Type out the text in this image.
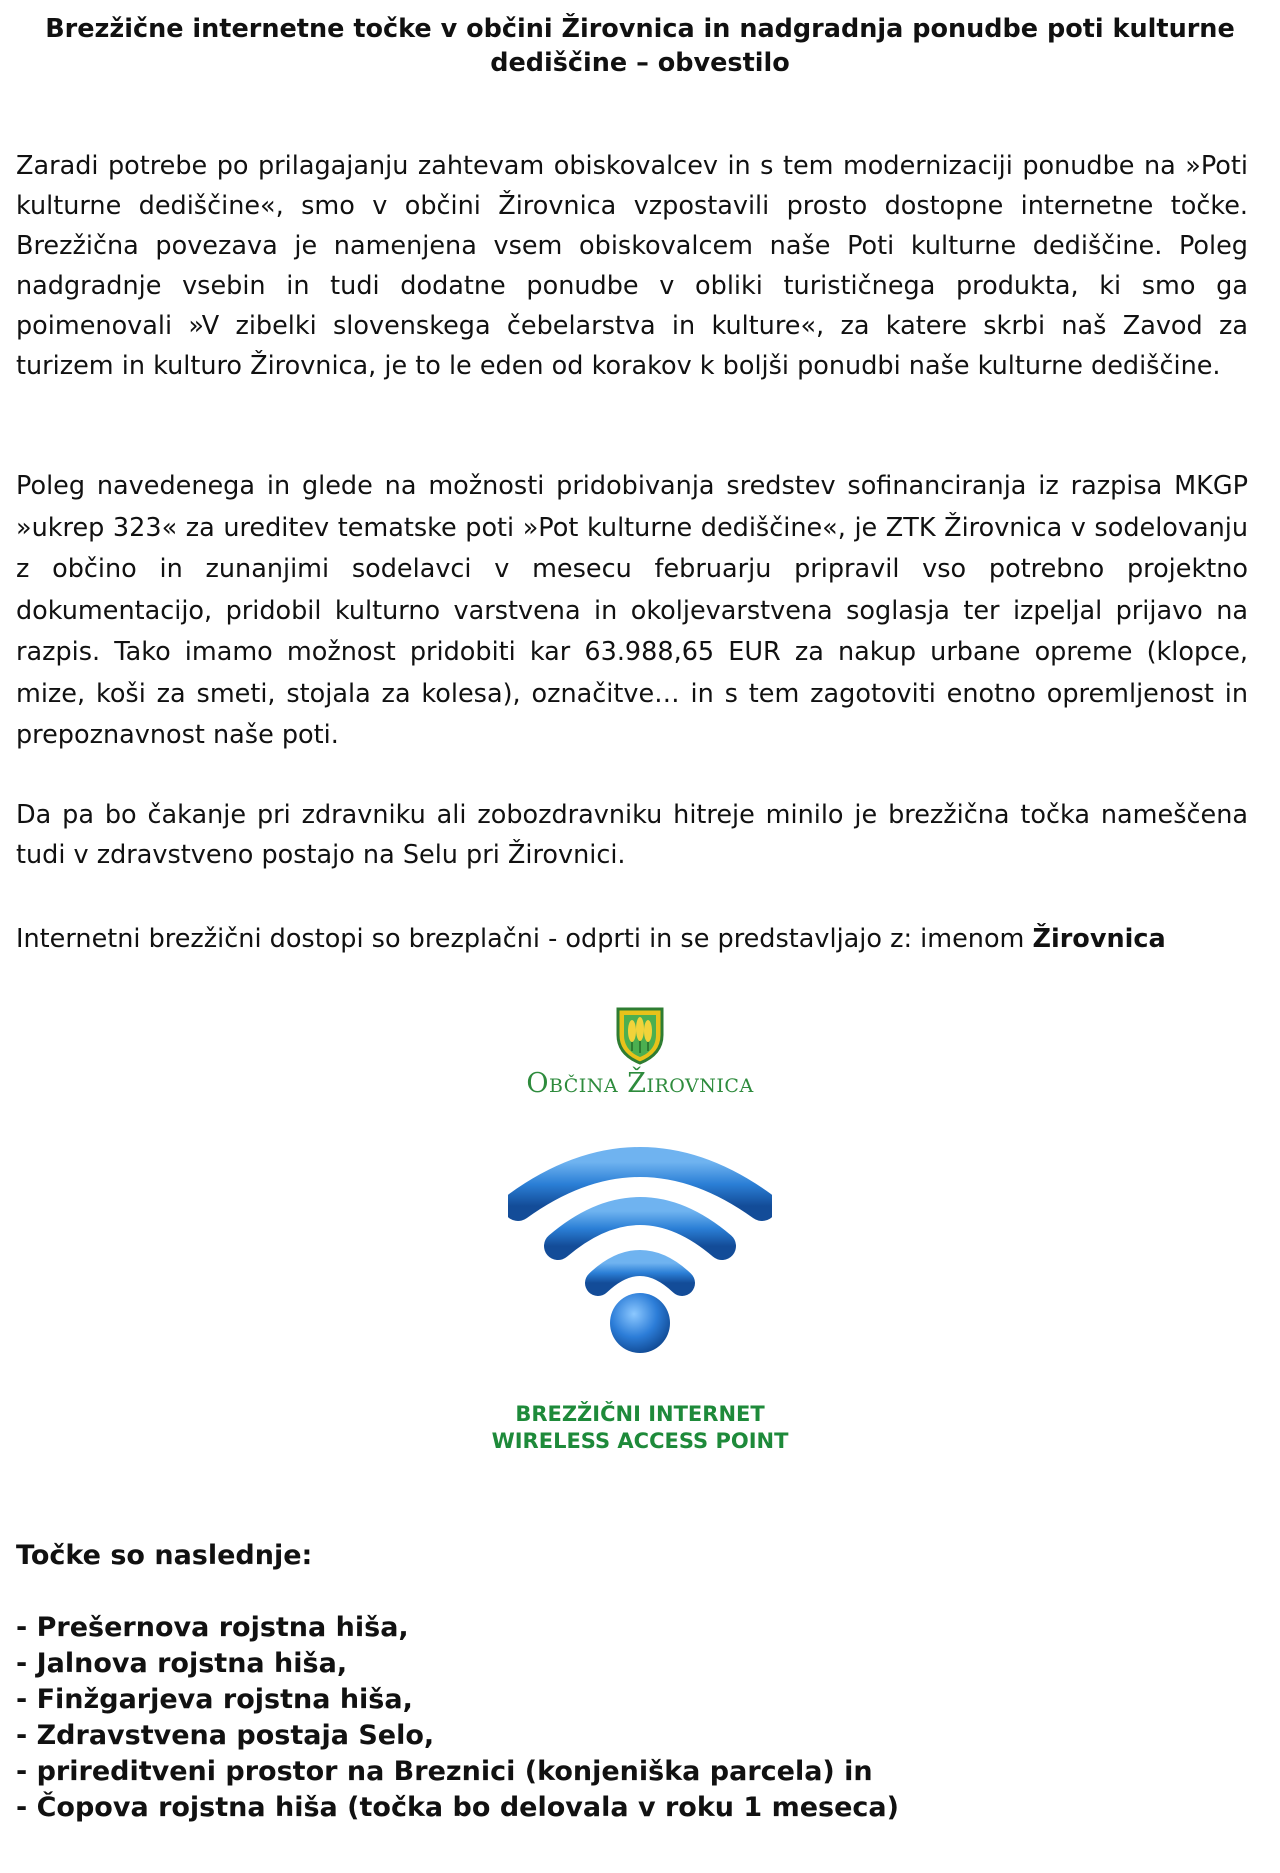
Brezžične internetne točke v občini Žirovnica in nadgradnja ponudbe poti kulturne dediščine – obvestilo

Zaradi potrebe po prilagajanju zahtevam obiskovalcev in s tem modernizaciji ponudbe na »Poti kulturne dediščine«, smo v občini Žirovnica vzpostavili prosto dostopne internetne točke. Brezžična povezava je namenjena vsem obiskovalcem naše Poti kulturne dediščine. Poleg nadgradnje vsebin in tudi dodatne ponudbe v obliki turističnega produkta, ki smo ga poimenovali »V zibelki slovenskega čebelarstva in kulture«, za katere skrbi naš Zavod za turizem in kulturo Žirovnica, je to le eden od korakov k boljši ponudbi naše kulturne dediščine.

Poleg navedenega in glede na možnosti pridobivanja sredstev sofinanciranja iz razpisa MKGP »ukrep 323« za ureditev tematske poti »Pot kulturne dediščine«, je ZTK Žirovnica v sodelovanju z občino in zunanjimi sodelavci v mesecu februarju pripravil vso potrebno projektno dokumentacijo, pridobil kulturno varstvena in okoljevarstvena soglasja ter izpeljal prijavo na razpis. Tako imamo možnost pridobiti kar 63.988,65 EUR za nakup urbane opreme (klopce, mize, koši za smeti, stojala za kolesa), označitve… in s tem zagotoviti enotno opremljenost in prepoznavnost naše poti.

Da pa bo čakanje pri zdravniku ali zobozdravniku hitreje minilo je brezžična točka nameščena tudi v zdravstveno postajo na Selu pri Žirovnici.

Internetni brezžični dostopi so brezplačni - odprti in se predstavljajo z: imenom Žirovnica

Občina Žirovnica
BREZŽIČNI INTERNET
WIRELESS ACCESS POINT

Točke so naslednje:

- Prešernova rojstna hiša,
- Jalnova rojstna hiša,
- Finžgarjeva rojstna hiša,
- Zdravstvena postaja Selo,
- prireditveni prostor na Breznici (konjeniška parcela) in
- Čopova rojstna hiša (točka bo delovala v roku 1 meseca)
